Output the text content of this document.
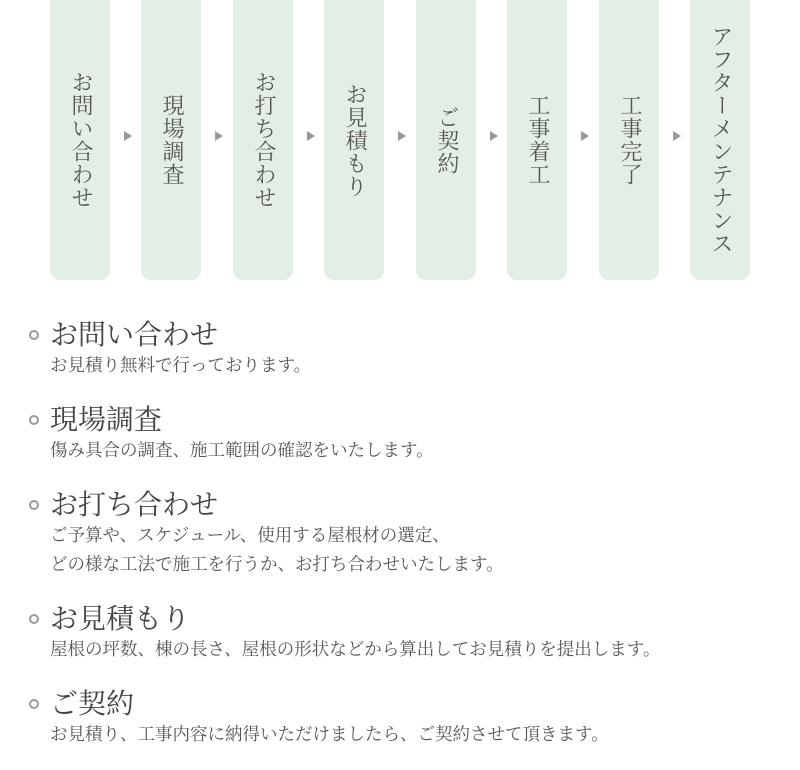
お問い合わせ	現場調査	お打ち合わせ	お見積もり	ご契約	工事着工	工事完了	アフターメンテナンス

お問い合わせ

お見積り無料で行っております。

現場調査

傷み具合の調査、施工範囲の確認をいたします。

お打ち合わせ

ご予算や、スケジュール、使用する屋根材の選定、

どの様な工法で施工を行うか、お打ち合わせいたします。

お見積もり

屋根の坪数、棟の長さ、屋根の形状などから算出してお見積りを提出します。

ご契約

お見積り、工事内容に納得いただけましたら、ご契約させて頂きます。
